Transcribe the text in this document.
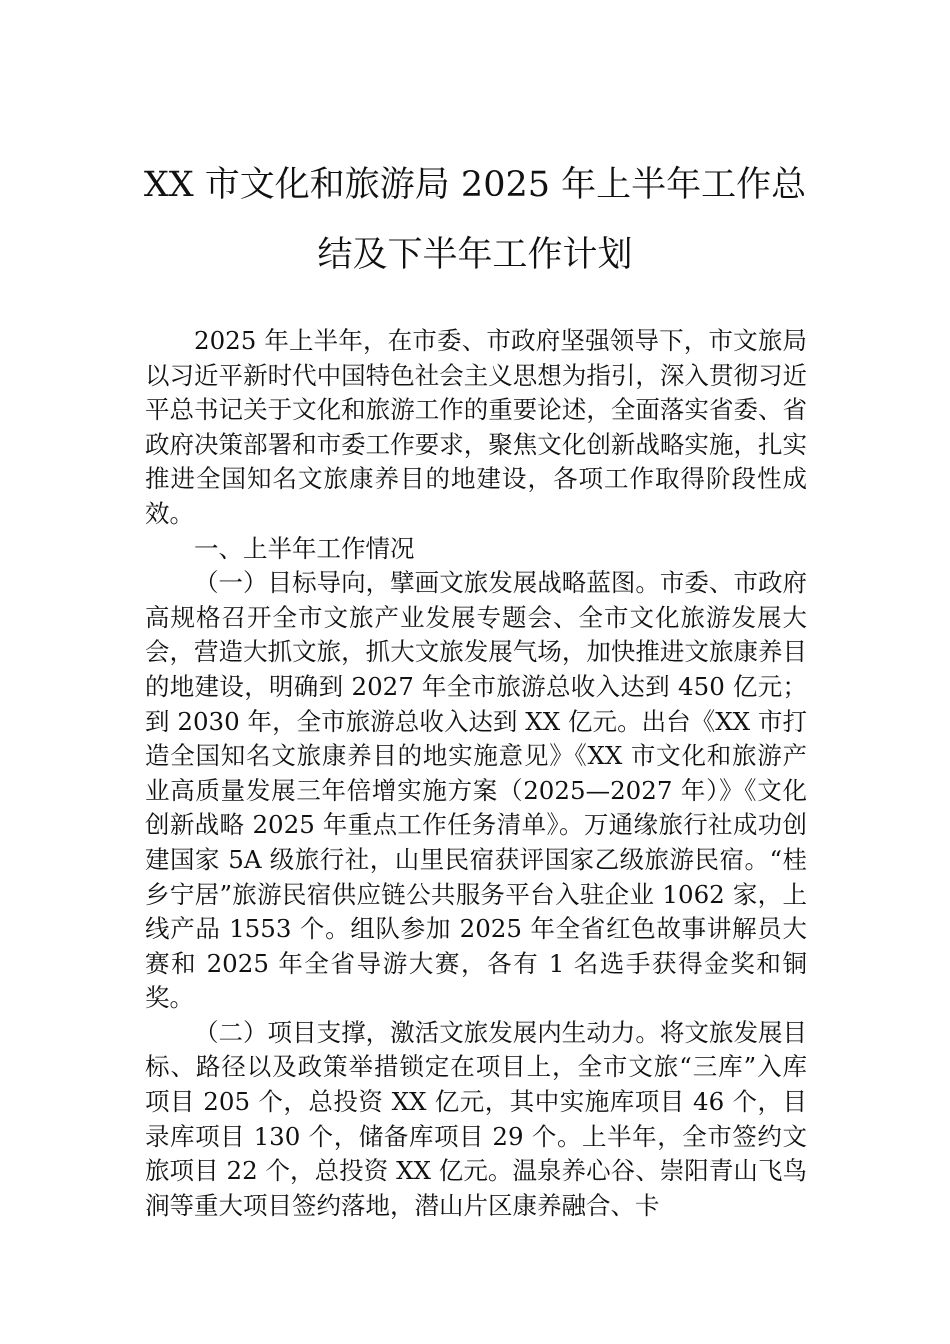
XX 市文化和旅游局 2025 年上半年工作总
结及下半年工作计划

2025 年上半年，在市委、市政府坚强领导下，市文旅局以习近平新时代中国特色社会主义思想为指引，深入贯彻习近平总书记关于文化和旅游工作的重要论述，全面落实省委、省政府决策部署和市委工作要求，聚焦文化创新战略实施，扎实推进全国知名文旅康养目的地建设，各项工作取得阶段性成效。

一、上半年工作情况

（一）目标导向，擘画文旅发展战略蓝图。市委、市政府高规格召开全市文旅产业发展专题会、全市文化旅游发展大会，营造大抓文旅，抓大文旅发展气场，加快推进文旅康养目的地建设，明确到 2027 年全市旅游总收入达到 450 亿元；到 2030 年，全市旅游总收入达到 XX 亿元。出台《XX 市打造全国知名文旅康养目的地实施意见》《XX 市文化和旅游产业高质量发展三年倍增实施方案（2025—2027 年）》《文化创新战略 2025 年重点工作任务清单》。万通缘旅行社成功创建国家 5A 级旅行社，山里民宿获评国家乙级旅游民宿。“桂乡宁居”旅游民宿供应链公共服务平台入驻企业 1062 家，上线产品 1553 个。组队参加 2025 年全省红色故事讲解员大赛和 2025 年全省导游大赛，各有 1 名选手获得金奖和铜奖。

（二）项目支撑，激活文旅发展内生动力。将文旅发展目标、路径以及政策举措锁定在项目上，全市文旅“三库”入库项目 205 个，总投资 XX 亿元，其中实施库项目 46 个，目录库项目 130 个，储备库项目 29 个。上半年，全市签约文旅项目 22 个，总投资 XX 亿元。温泉养心谷、崇阳青山飞鸟涧等重大项目签约落地，潜山片区康养融合、卡
